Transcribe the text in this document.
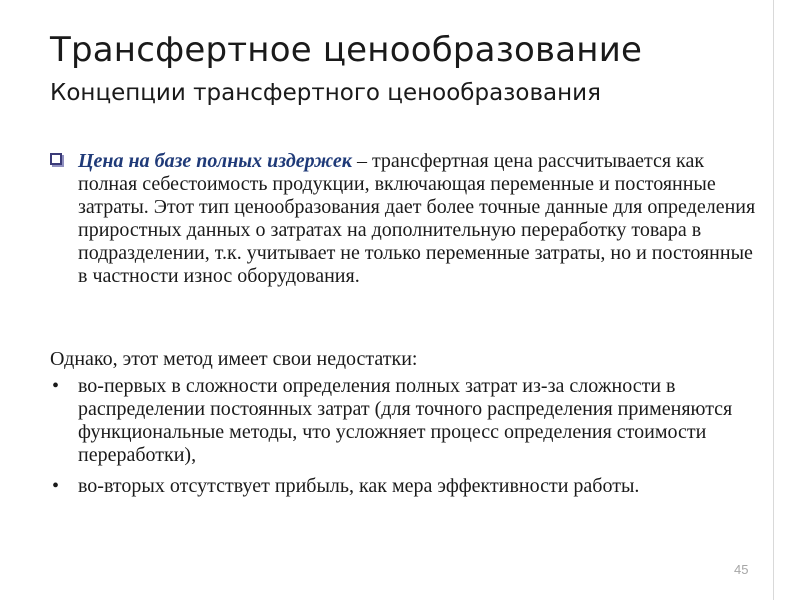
Трансфертное ценообразование
Концепции трансфертного ценообразования
Цена на базе полных издержек – трансфертная цена рассчитывается как полная себестоимость продукции, включающая переменные и постоянные затраты. Этот тип ценообразования дает более точные данные для определения приростных данных о затратах на дополнительную переработку товара в подразделении, т.к. учитывает не только переменные затраты, но и постоянные в частности износ оборудования.
Однако, этот метод имеет свои недостатки:
• во-первых в сложности определения полных затрат из-за сложности в распределении постоянных затрат (для точного распределения применяются функциональные методы, что усложняет процесс определения стоимости переработки),
• во-вторых отсутствует прибыль, как мера эффективности работы.
45
